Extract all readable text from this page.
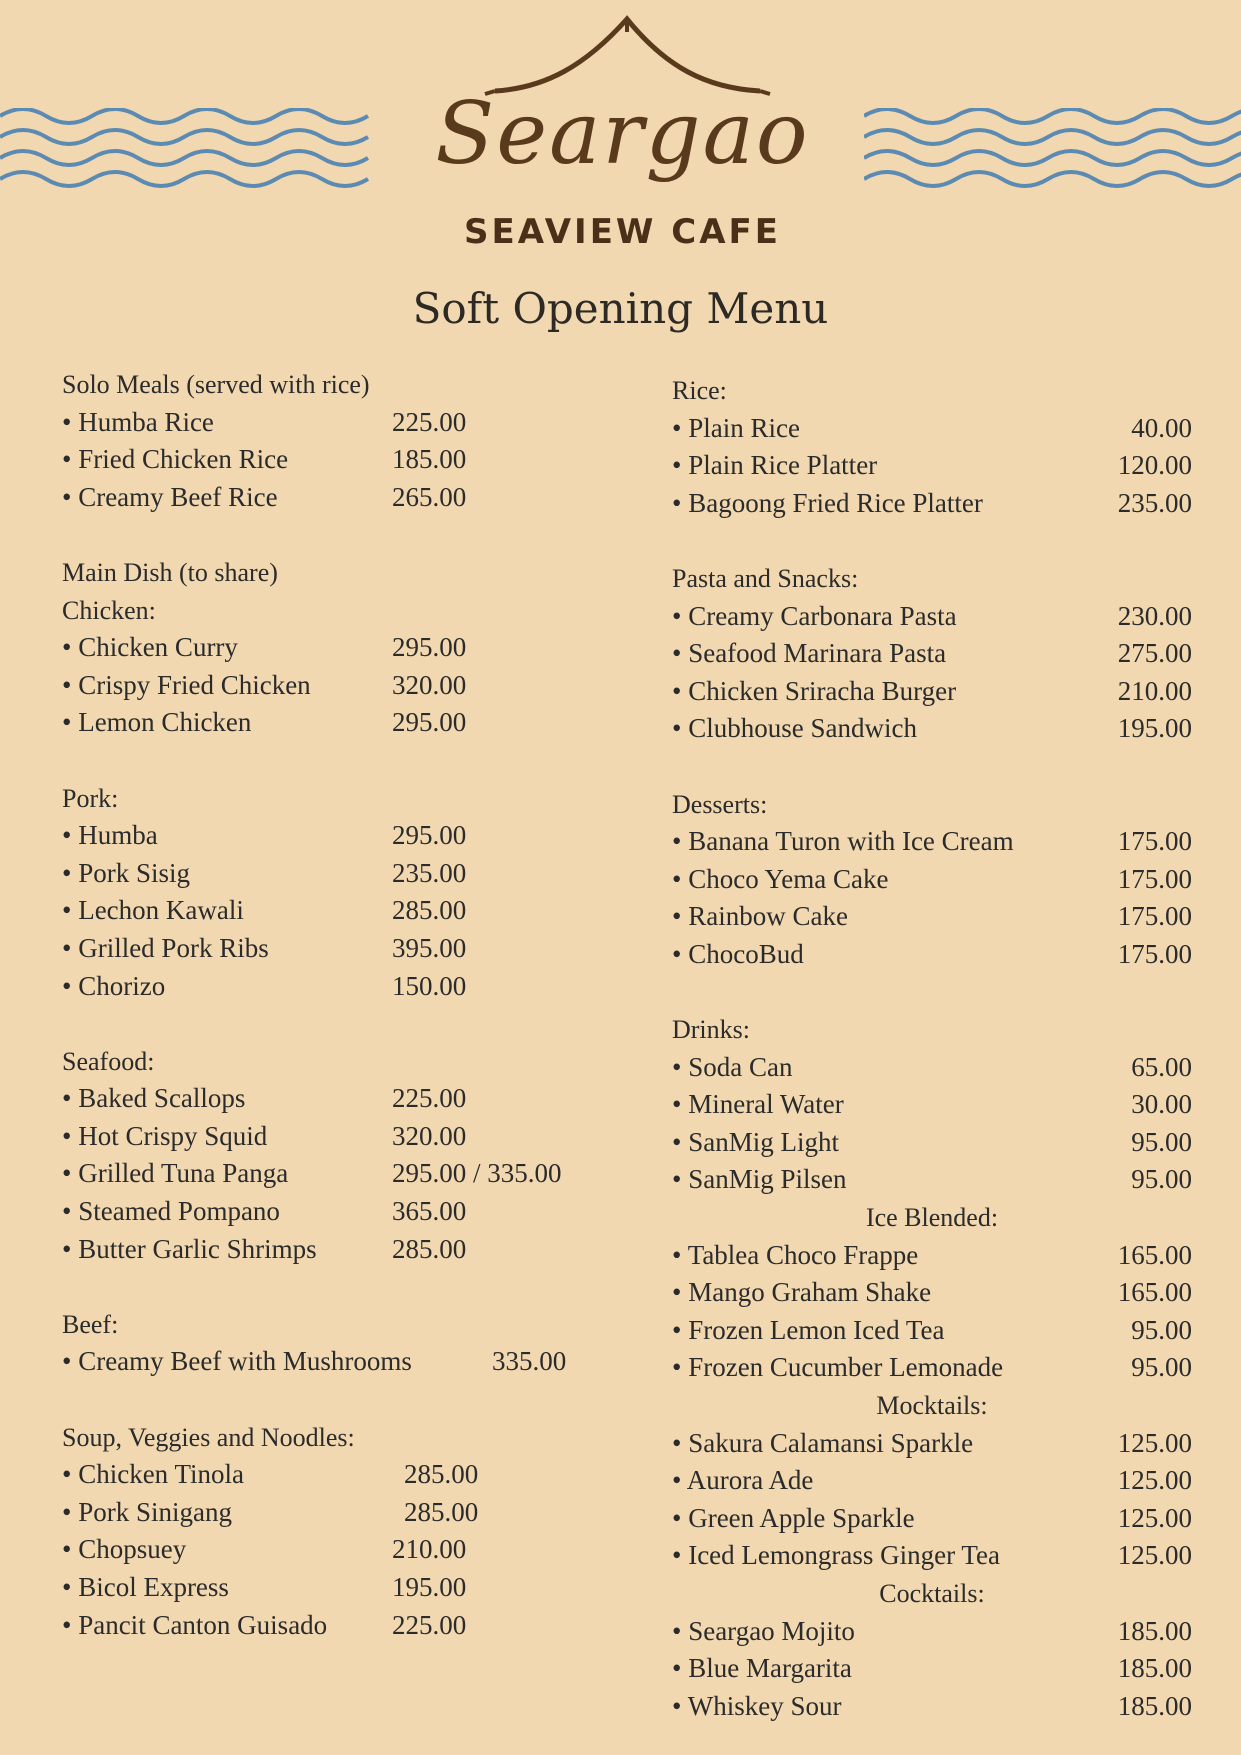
Seargao
SEAVIEW CAFE
Soft Opening Menu
Solo Meals (served with rice)
• Humba Rice	225.00
• Fried Chicken Rice	185.00
• Creamy Beef Rice	265.00
Main Dish (to share)
Chicken:
• Chicken Curry	295.00
• Crispy Fried Chicken	320.00
• Lemon Chicken	295.00
Pork:
• Humba	295.00
• Pork Sisig	235.00
• Lechon Kawali	285.00
• Grilled Pork Ribs	395.00
• Chorizo	150.00
Seafood:
• Baked Scallops	225.00
• Hot Crispy Squid	320.00
• Grilled Tuna Panga	295.00 / 335.00
• Steamed Pompano	365.00
• Butter Garlic Shrimps	285.00
Beef:
• Creamy Beef with Mushrooms	335.00
Soup, Veggies and Noodles:
• Chicken Tinola	285.00
• Pork Sinigang	285.00
• Chopsuey	210.00
• Bicol Express	195.00
• Pancit Canton Guisado 225.00
Rice:
• Plain Rice	40.00
• Plain Rice Platter	120.00
• Bagoong Fried Rice Platter	235.00
Pasta and Snacks:
• Creamy Carbonara Pasta	230.00
• Seafood Marinara Pasta	275.00
• Chicken Sriracha Burger	210.00
• Clubhouse Sandwich	195.00
Desserts:
• Banana Turon with Ice Cream	175.00
• Choco Yema Cake	175.00
• Rainbow Cake	175.00
• ChocoBud	175.00
Drinks:
• Soda Can	65.00
• Mineral Water	30.00
• SanMig Light	95.00
• SanMig Pilsen	95.00
Ice Blended:
• Tablea Choco Frappe	165.00
• Mango Graham Shake	165.00
• Frozen Lemon Iced Tea	95.00
• Frozen Cucumber Lemonade	95.00
Mocktails:
• Sakura Calamansi Sparkle	125.00
• Aurora Ade	125.00
• Green Apple Sparkle	125.00
• Iced Lemongrass Ginger Tea	125.00
Cocktails:
• Seargao Mojito	185.00
• Blue Margarita	185.00
• Whiskey Sour	185.00
